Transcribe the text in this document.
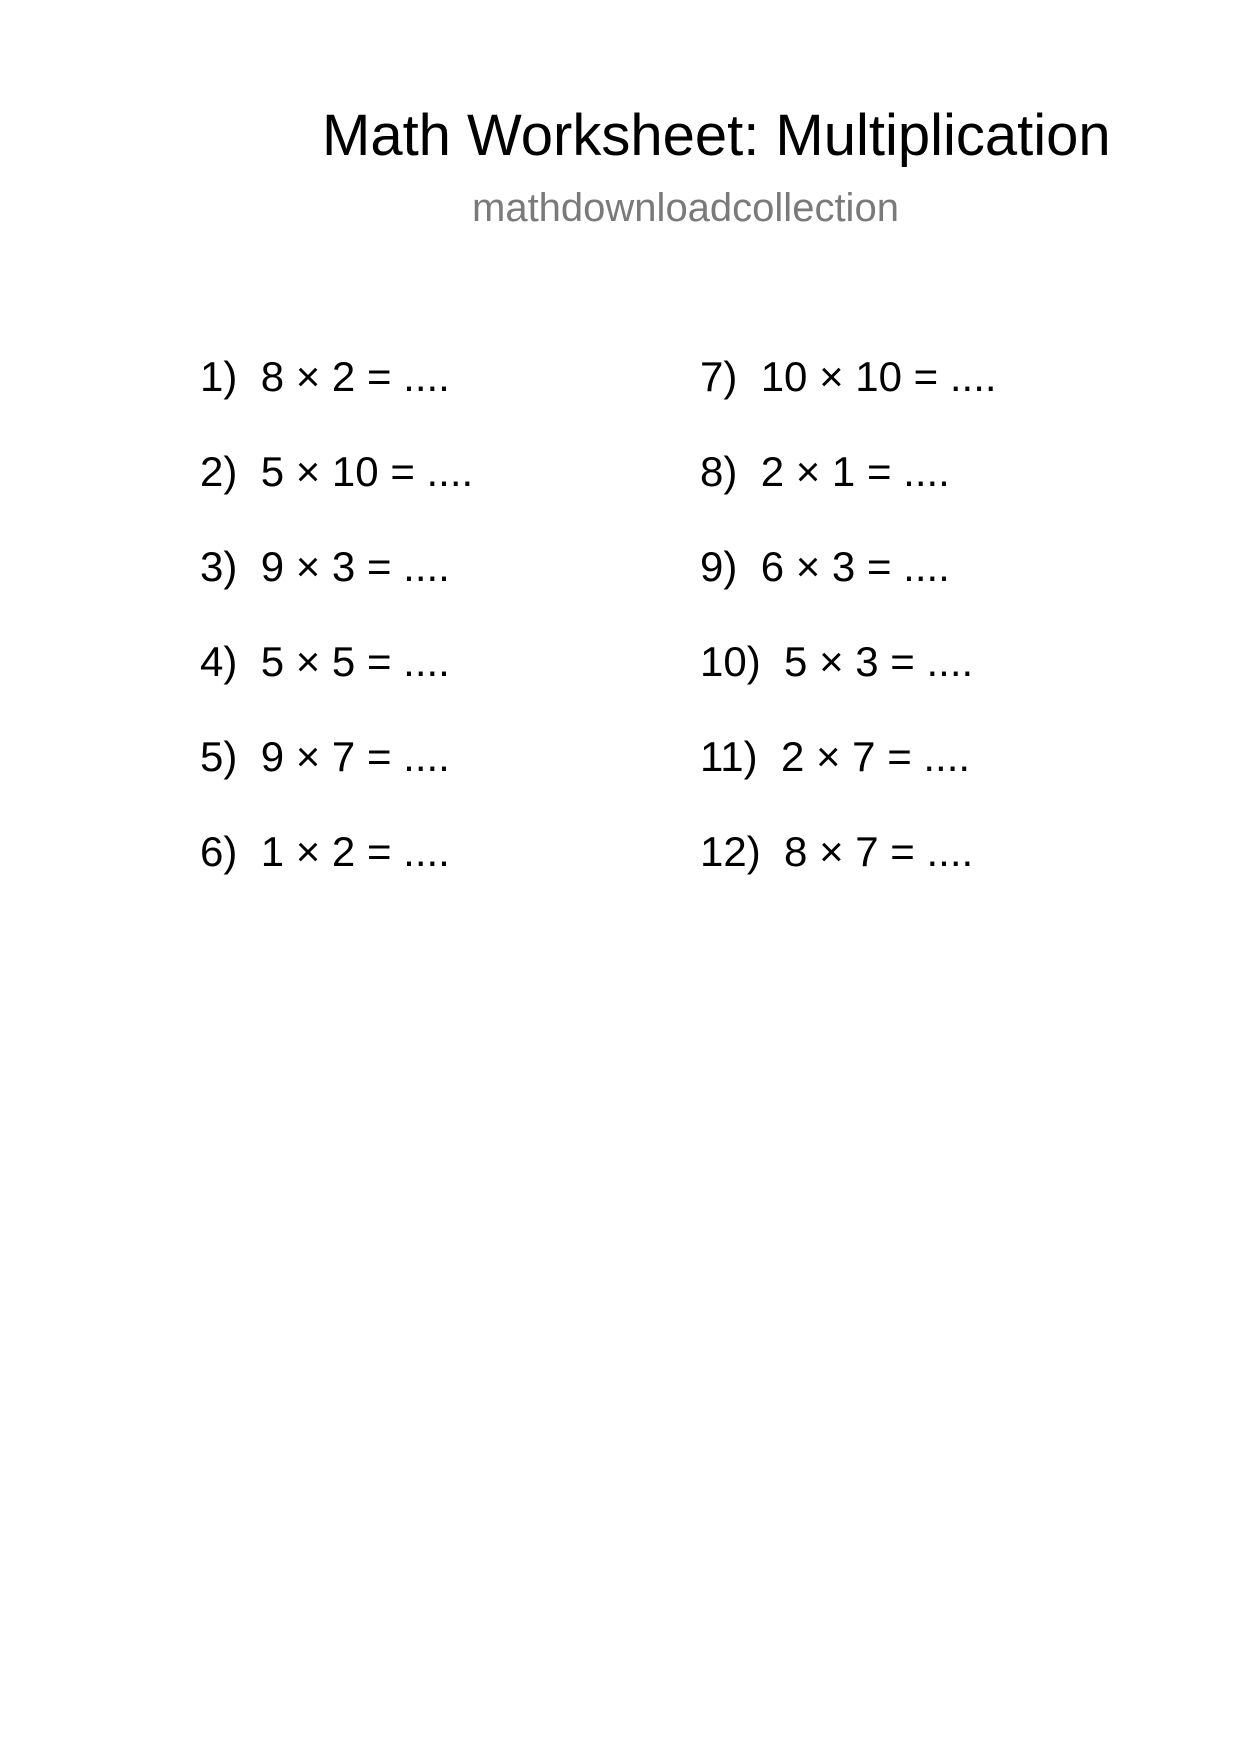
Math Worksheet: Multiplication
mathdownloadcollection
1) 8 × 2 = ....
2) 5 × 10 = ....
3) 9 × 3 = ....
4) 5 × 5 = ....
5) 9 × 7 = ....
6) 1 × 2 = ....
7) 10 × 10 = ....
8) 2 × 1 = ....
9) 6 × 3 = ....
10) 5 × 3 = ....
11) 2 × 7 = ....
12) 8 × 7 = ....
